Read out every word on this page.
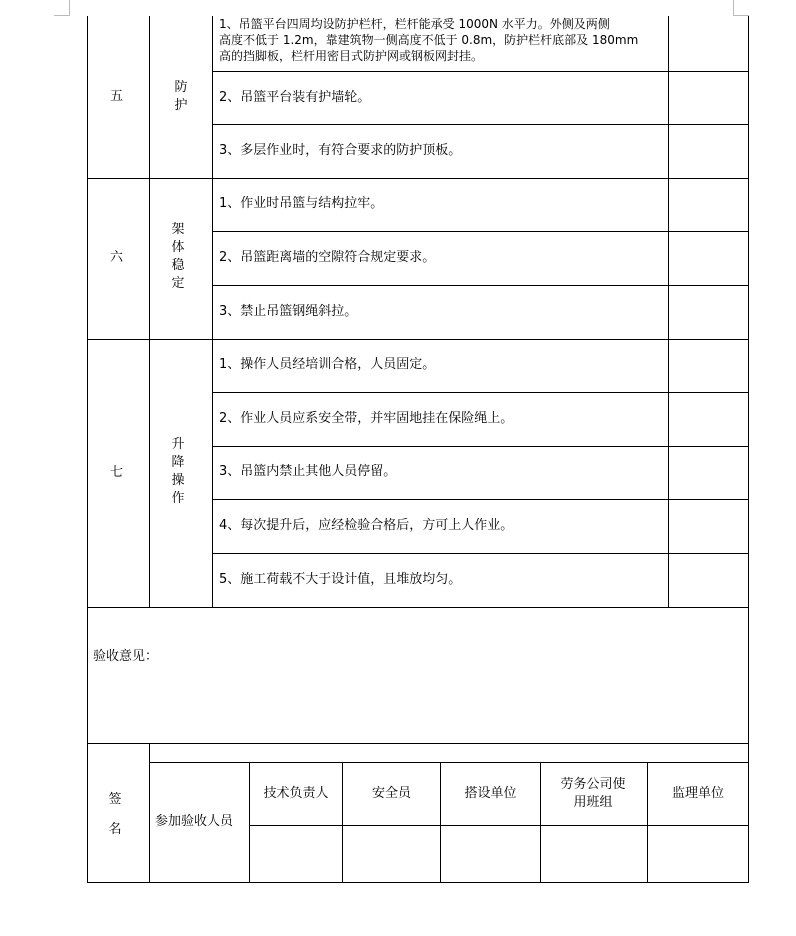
五
防护
1、吊篮平台四周均设防护栏杆，栏杆能承受 1000N 水平力。外侧及两侧
高度不低于 1.2m，靠建筑物一侧高度不低于 0.8m，防护栏杆底部及 180mm
高的挡脚板，栏杆用密目式防护网或钢板网封挂。
2、吊篮平台装有护墙轮。
3、多层作业时，有符合要求的防护顶板。
六
架体稳定
1、作业时吊篮与结构拉牢。
2、吊篮距离墙的空隙符合规定要求。
3、禁止吊篮钢绳斜拉。
七
升降操作
1、操作人员经培训合格，人员固定。
2、作业人员应系安全带，并牢固地挂在保险绳上。
3、吊篮内禁止其他人员停留。
4、每次提升后，应经检验合格后，方可上人作业。
5、施工荷载不大于设计值，且堆放均匀。
验收意见：
签名
参加验收人员
技术负责人	安全员	搭设单位
劳务公司使用班组
监理单位
